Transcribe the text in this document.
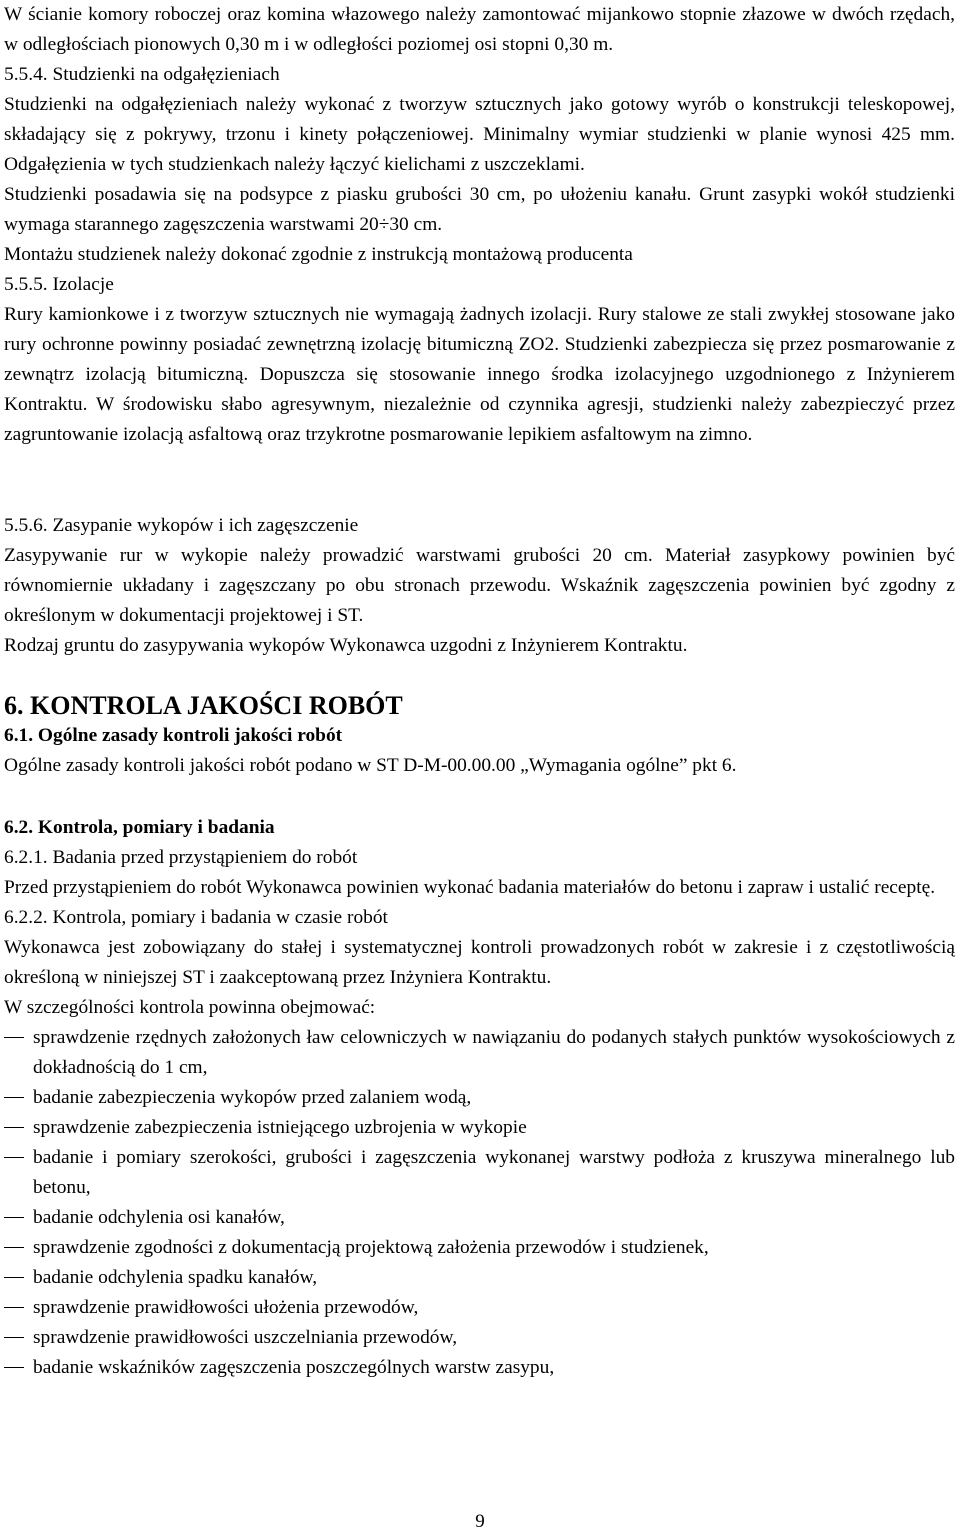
W ścianie komory roboczej oraz komina włazowego należy zamontować mijankowo stopnie złazowe w dwóch rzędach, w odległościach pionowych 0,30 m i w odległości poziomej osi stopni 0,30 m.

5.5.4. Studzienki na odgałęzieniach

Studzienki na odgałęzieniach należy wykonać z tworzyw sztucznych jako gotowy wyrób o konstrukcji teleskopowej, składający się z pokrywy, trzonu i kinety połączeniowej. Minimalny wymiar studzienki w planie wynosi 425 mm. Odgałęzienia w tych studzienkach należy łączyć kielichami z uszczeklami.

Studzienki posadawia się na podsypce z piasku grubości 30 cm, po ułożeniu kanału. Grunt zasypki wokół studzienki wymaga starannego zagęszczenia warstwami 20÷30 cm.

Montażu studzienek należy dokonać zgodnie z instrukcją montażową producenta

5.5.5. Izolacje

Rury kamionkowe i z tworzyw sztucznych nie wymagają żadnych izolacji. Rury stalowe ze stali zwykłej stosowane jako rury ochronne powinny posiadać zewnętrzną izolację bitumiczną ZO2. Studzienki zabezpiecza się przez posmarowanie z zewnątrz izolacją bitumiczną. Dopuszcza się stosowanie innego środka izolacyjnego uzgodnionego z Inżynierem Kontraktu. W środowisku słabo agresywnym, niezależnie od czynnika agresji, studzienki należy zabezpieczyć przez zagruntowanie izolacją asfaltową oraz trzykrotne posmarowanie lepikiem asfaltowym na zimno.

5.5.6. Zasypanie wykopów i ich zagęszczenie

Zasypywanie rur w wykopie należy prowadzić warstwami grubości 20 cm. Materiał zasypkowy powinien być równomiernie układany i zagęszczany po obu stronach przewodu. Wskaźnik zagęszczenia powinien być zgodny z określonym w dokumentacji projektowej i ST.

Rodzaj gruntu do zasypywania wykopów Wykonawca uzgodni z Inżynierem Kontraktu.

6. KONTROLA JAKOŚCI ROBÓT

6.1. Ogólne zasady kontroli jakości robót

Ogólne zasady kontroli jakości robót podano w ST D-M-00.00.00 „Wymagania ogólne” pkt 6.

6.2. Kontrola, pomiary i badania

6.2.1. Badania przed przystąpieniem do robót

Przed przystąpieniem do robót Wykonawca powinien wykonać badania materiałów do betonu i zapraw i ustalić receptę.

6.2.2. Kontrola, pomiary i badania w czasie robót

Wykonawca jest zobowiązany do stałej i systematycznej kontroli prowadzonych robót w zakresie i z częstotliwością określoną w niniejszej ST i zaakceptowaną przez Inżyniera Kontraktu.

W szczególności kontrola powinna obejmować:

sprawdzenie rzędnych założonych ław celowniczych w nawiązaniu do podanych stałych punktów wysokościowych z dokładnością do 1 cm,
badanie zabezpieczenia wykopów przed zalaniem wodą,
sprawdzenie zabezpieczenia istniejącego uzbrojenia w wykopie
badanie i pomiary szerokości, grubości i zagęszczenia wykonanej warstwy podłoża z kruszywa mineralnego lub betonu,
badanie odchylenia osi kanałów,
sprawdzenie zgodności z dokumentacją projektową założenia przewodów i studzienek,
badanie odchylenia spadku kanałów,
sprawdzenie prawidłowości ułożenia przewodów,
sprawdzenie prawidłowości uszczelniania przewodów,
badanie wskaźników zagęszczenia poszczególnych warstw zasypu,
9
